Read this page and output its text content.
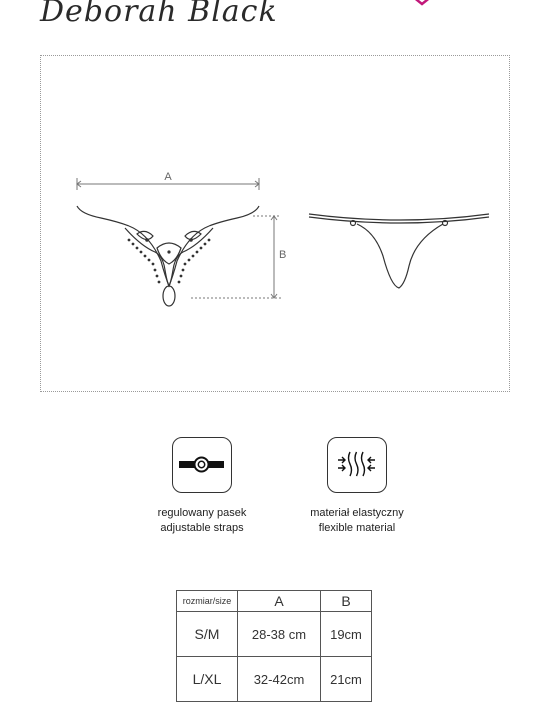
Deborah Black
A
B
regulowany pasek
adjustable straps
materiał elastyczny
flexible material
rozmiar/size	A	B
S/M	28-38 cm	19cm
L/XL	32-42cm	21cm
